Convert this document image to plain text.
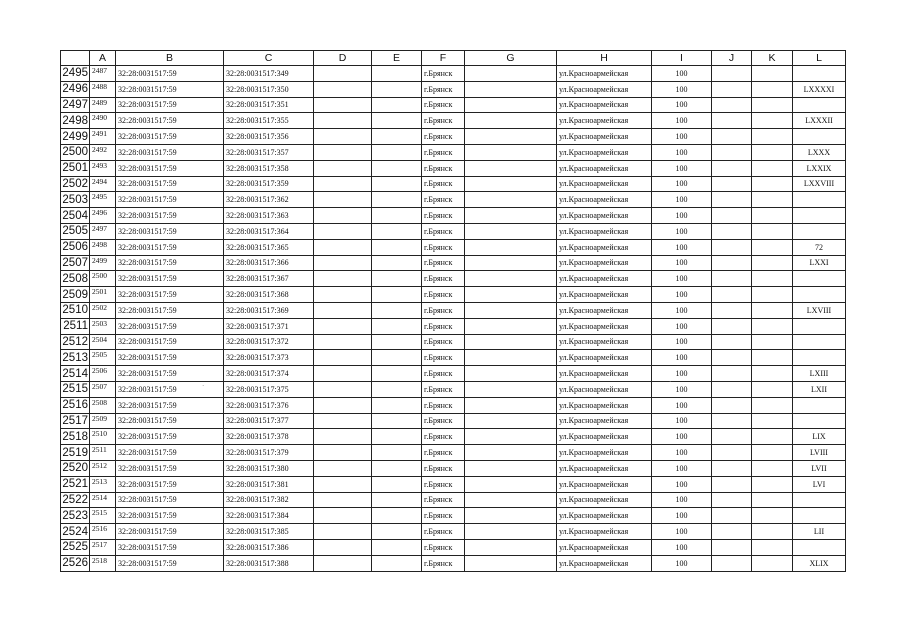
	A	B	C	D	E	F	G	H	I	J	K	L
2495	2487	32:28:0031517:59	32:28:0031517:349			г.Брянск		ул.Красноармейская	100			
2496	2488	32:28:0031517:59	32:28:0031517:350			г.Брянск		ул.Красноармейская	100			LXXXXI
2497	2489	32:28:0031517:59	32:28:0031517:351			г.Брянск		ул.Красноармейская	100			
2498	2490	32:28:0031517:59	32:28:0031517:355			г.Брянск		ул.Красноармейская	100			LXXXII
2499	2491	32:28:0031517:59	32:28:0031517:356			г.Брянск		ул.Красноармейская	100			
2500	2492	32:28:0031517:59	32:28:0031517:357			г.Брянск		ул.Красноармейская	100			LXXX
2501	2493	32:28:0031517:59	32:28:0031517:358			г.Брянск		ул.Красноармейская	100			LXXIX
2502	2494	32:28:0031517:59	32:28:0031517:359			г.Брянск		ул.Красноармейская	100			LXXVIII
2503	2495	32:28:0031517:59	32:28:0031517:362			г.Брянск		ул.Красноармейская	100			
2504	2496	32:28:0031517:59	32:28:0031517:363			г.Брянск		ул.Красноармейская	100			
2505	2497	32:28:0031517:59	32:28:0031517:364			г.Брянск		ул.Красноармейская	100			
2506	2498	32:28:0031517:59	32:28:0031517:365			г.Брянск		ул.Красноармейская	100			72
2507	2499	32:28:0031517:59	32:28:0031517:366			г.Брянск		ул.Красноармейская	100			LXXI
2508	2500	32:28:0031517:59	32:28:0031517:367			г.Брянск		ул.Красноармейская	100			
2509	2501	32:28:0031517:59	32:28:0031517:368			г.Брянск		ул.Красноармейская	100			
2510	2502	32:28:0031517:59	32:28:0031517:369			г.Брянск		ул.Красноармейская	100			LXVIII
2511	2503	32:28:0031517:59	32:28:0031517:371			г.Брянск		ул.Красноармейская	100			
2512	2504	32:28:0031517:59	32:28:0031517:372			г.Брянск		ул.Красноармейская	100			
2513	2505	32:28:0031517:59	32:28:0031517:373			г.Брянск		ул.Красноармейская	100			
2514	2506	32:28:0031517:59	32:28:0031517:374			г.Брянск		ул.Красноармейская	100			LXIII
2515	2507	32:28:0031517:59	32:28:0031517:375			г.Брянск		ул.Красноармейская	100			LXII
2516	2508	32:28:0031517:59	32:28:0031517:376			г.Брянск		ул.Красноармейская	100			
2517	2509	32:28:0031517:59	32:28:0031517:377			г.Брянск		ул.Красноармейская	100			
2518	2510	32:28:0031517:59	32:28:0031517:378			г.Брянск		ул.Красноармейская	100			LIX
2519	2511	32:28:0031517:59	32:28:0031517:379			г.Брянск		ул.Красноармейская	100			LVIII
2520	2512	32:28:0031517:59	32:28:0031517:380			г.Брянск		ул.Красноармейская	100			LVII
2521	2513	32:28:0031517:59	32:28:0031517:381			г.Брянск		ул.Красноармейская	100			LVI
2522	2514	32:28:0031517:59	32:28:0031517:382			г.Брянск		ул.Красноармейская	100			
2523	2515	32:28:0031517:59	32:28:0031517:384			г.Брянск		ул.Красноармейская	100			
2524	2516	32:28:0031517:59	32:28:0031517:385			г.Брянск		ул.Красноармейская	100			LII
2525	2517	32:28:0031517:59	32:28:0031517:386			г.Брянск		ул.Красноармейская	100			
2526	2518	32:28:0031517:59	32:28:0031517:388			г.Брянск		ул.Красноармейская	100			XLIX
·	·
